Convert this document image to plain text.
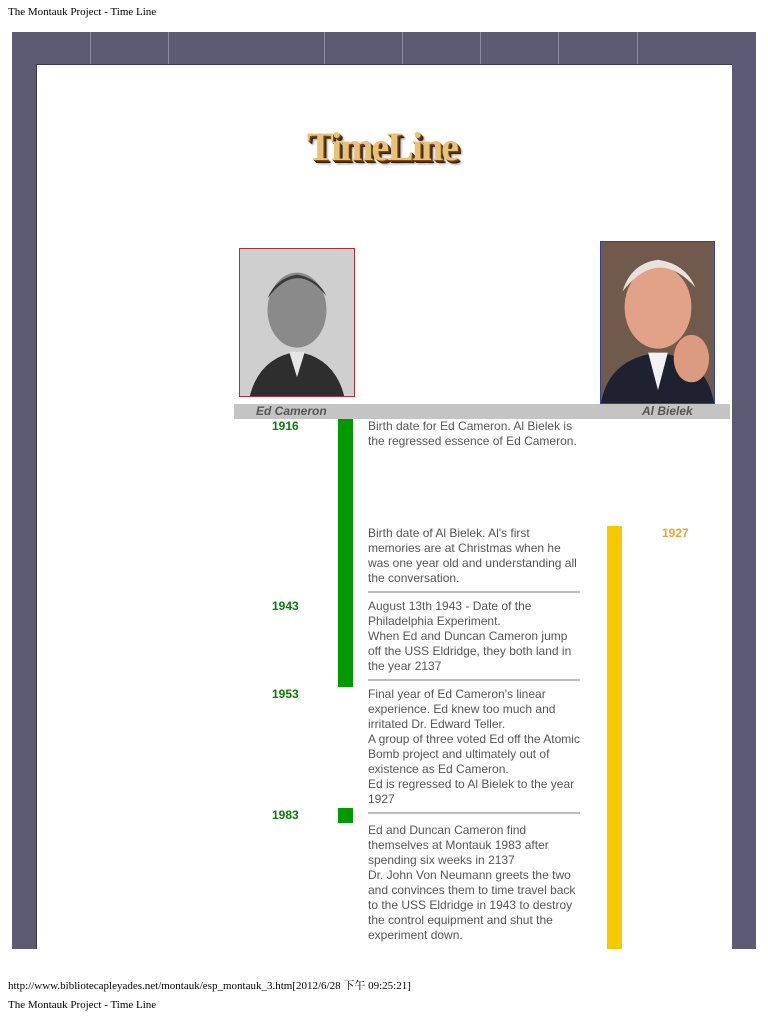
The Montauk Project - Time Line
TimeLine
Ed Cameron	Al Bielek
1916
1927
1943
1953
1983
Birth date for Ed Cameron. Al Bielek is the regressed essence of Ed Cameron.
Birth date of Al Bielek. Al's first memories are at Christmas when he was one year old and understanding all the conversation.
August 13th 1943 - Date of the Philadelphia Experiment.
When Ed and Duncan Cameron jump off the USS Eldridge, they both land in the year 2137
Final year of Ed Cameron's linear experience. Ed knew too much and irritated Dr. Edward Teller.
A group of three voted Ed off the Atomic Bomb project and ultimately out of existence as Ed Cameron.
Ed is regressed to Al Bielek to the year 1927
Ed and Duncan Cameron find themselves at Montauk 1983 after spending six weeks in 2137
Dr. John Von Neumann greets the two and convinces them to time travel back to the USS Eldridge in 1943 to destroy the control equipment and shut the experiment down.
http://www.bibliotecapleyades.net/montauk/esp_montauk_3.htm[2012/6/28 下午 09:25:21]
The Montauk Project - Time Line
